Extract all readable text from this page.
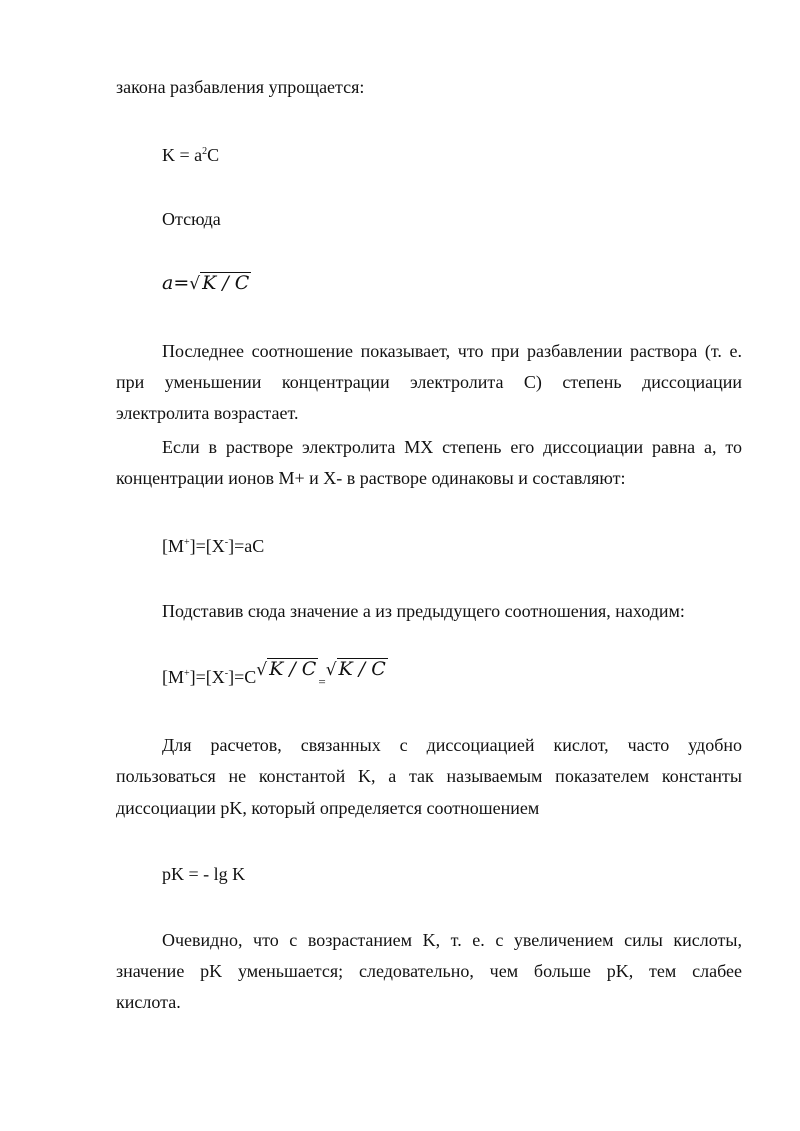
закона разбавления упрощается:
$K = a^2C$
Отсюда
a=√ K / C
Последнее соотношение показывает, что при разбавлении раствора (т. е.
при уменьшении концентрации электролита С) степень диссоциации
электролита возрастает.
Если в растворе электролита MX степень его диссоциации равна а, то
концентрации ионов М+ и X- в растворе одинаковы и составляют:
[M+]=[X-]=aC
Подставив сюда значение а из предыдущего соотношения, находим:
[M+]=[X-]=C√ K / C=√ K / C
Для расчетов, связанных с диссоциацией кислот, часто удобно
пользоваться не константой K, а так называемым показателем константы
диссоциации pK, который определяется соотношением
pK = - lg K
Очевидно, что с возрастанием K, т. е. с увеличением силы кислоты,
значение pK уменьшается; следовательно, чем больше pK, тем слабее
кислота.
